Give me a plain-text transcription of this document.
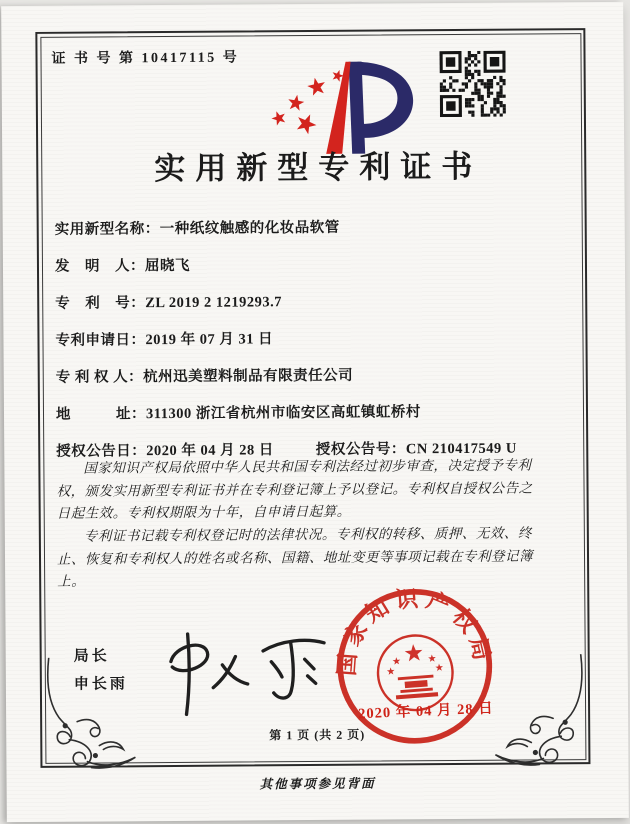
证 书 号 第 10417115 号
实用新型专利证书
实用新型名称：一种纸纹触感的化妆品软管
发　明　人：屈晓飞
专　利　号：ZL 2019 2 1219293.7
专利申请日：2019 年 07 月 31 日
专 利 权 人：杭州迅美塑料制品有限责任公司
地　　　址：311300 浙江省杭州市临安区高虹镇虹桥村
授权公告日：2020 年 04 月 28 日	授权公告号：CN 210417549 U

国家知识产权局依照中华人民共和国专利法经过初步审查，决定授予专利权，颁发实用新型专利证书并在专利登记簿上予以登记。专利权自授权公告之日起生效。专利权期限为十年，自申请日起算。

专利证书记载专利权登记时的法律状况。专利权的转移、质押、无效、终止、恢复和专利权人的姓名或名称、国籍、地址变更等事项记载在专利登记簿上。

局长
申长雨
国家知识产权局
2020 年 04 月 28 日
第 1 页 (共 2 页)
其他事项参见背面
